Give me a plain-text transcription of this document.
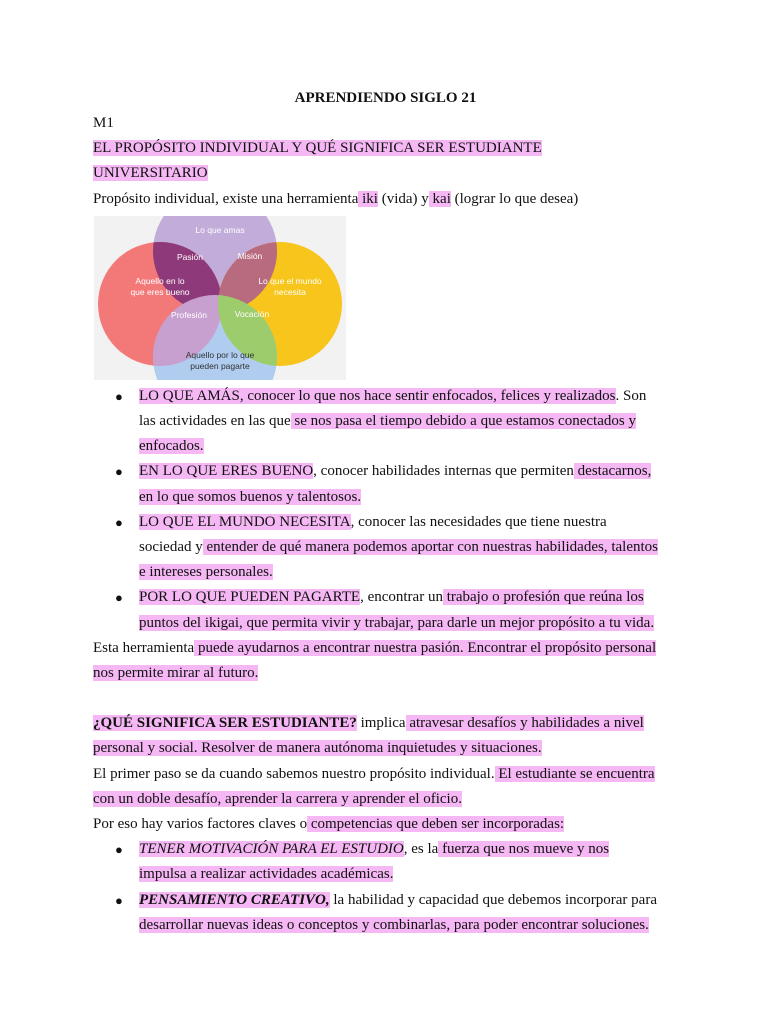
APRENDIENDO SIGLO 21
M1
EL PROPÓSITO INDIVIDUAL Y QUÉ SIGNIFICA SER ESTUDIANTE
UNIVERSITARIO
Propósito individual, existe una herramienta iki (vida) y kai (lograr lo que desea)
Lo que amas
Aquello en lo
que eres bueno
Lo que el mundo
necesita
Pasión	Misión
Profesión	Vocación
Aquello por lo que
pueden pagarte
● LO QUE AMÁS, conocer lo que nos hace sentir enfocados, felices y realizados. Son
las actividades en las que se nos pasa el tiempo debido a que estamos conectados y
enfocados.
● EN LO QUE ERES BUENO, conocer habilidades internas que permiten destacarnos,
en lo que somos buenos y talentosos.
● LO QUE EL MUNDO NECESITA, conocer las necesidades que tiene nuestra
sociedad y entender de qué manera podemos aportar con nuestras habilidades, talentos
e intereses personales.
● POR LO QUE PUEDEN PAGARTE, encontrar un trabajo o profesión que reúna los
puntos del ikigai, que permita vivir y trabajar, para darle un mejor propósito a tu vida.
Esta herramienta puede ayudarnos a encontrar nuestra pasión. Encontrar el propósito personal
nos permite mirar al futuro.
¿QUÉ SIGNIFICA SER ESTUDIANTE? implica atravesar desafíos y habilidades a nivel
personal y social. Resolver de manera autónoma inquietudes y situaciones.
El primer paso se da cuando sabemos nuestro propósito individual. El estudiante se encuentra
con un doble desafío, aprender la carrera y aprender el oficio.
Por eso hay varios factores claves o competencias que deben ser incorporadas:
● TENER MOTIVACIÓN PARA EL ESTUDIO, es la fuerza que nos mueve y nos
impulsa a realizar actividades académicas.
● PENSAMIENTO CREATIVO, la habilidad y capacidad que debemos incorporar para
desarrollar nuevas ideas o conceptos y combinarlas, para poder encontrar soluciones.
